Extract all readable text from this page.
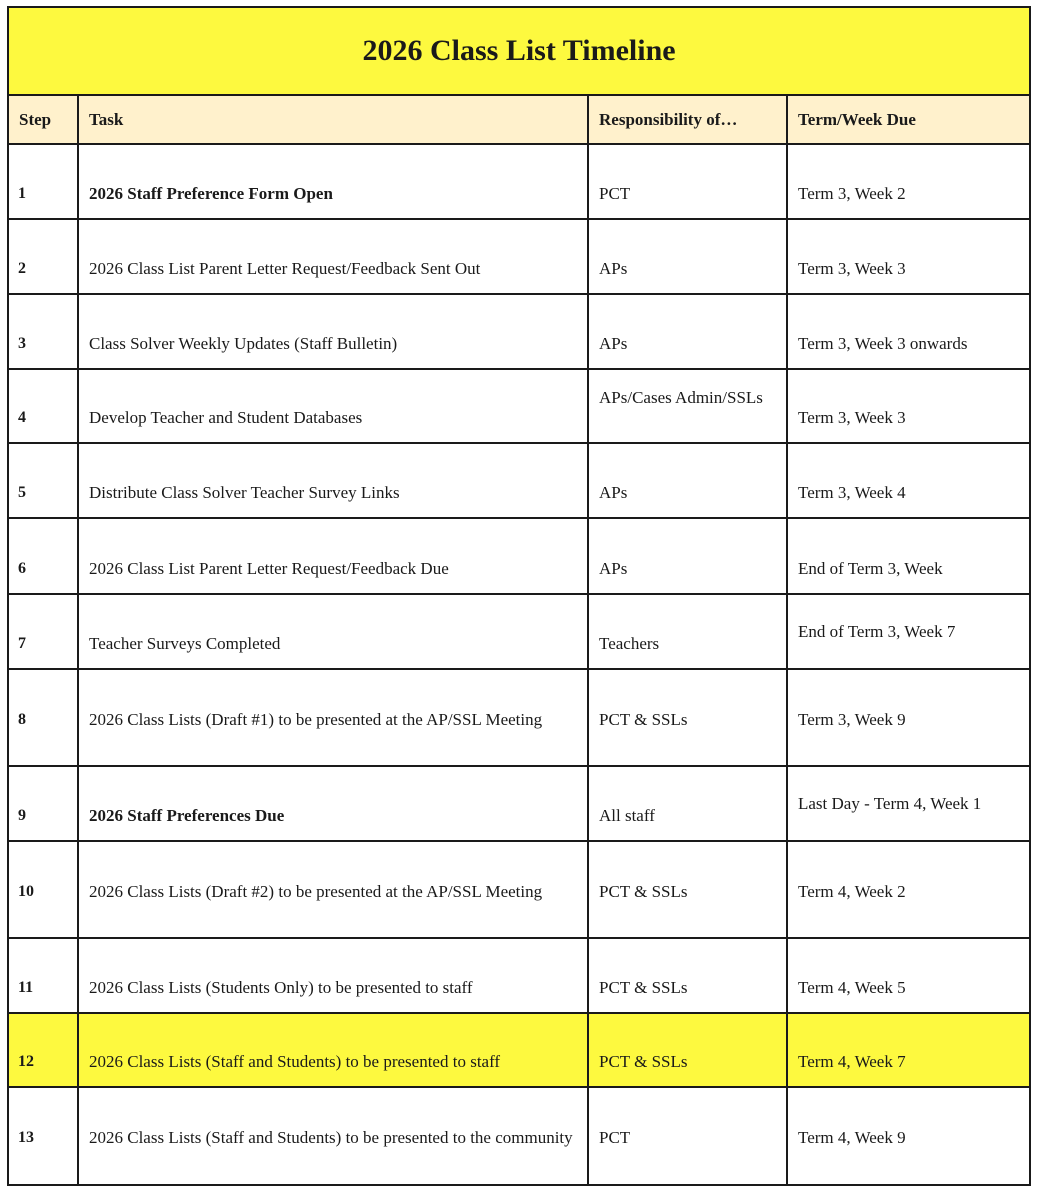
2026 Class List Timeline			
Step	Task	Responsibility of…	Term/Week Due
1	2026 Staff Preference Form Open	PCT	Term 3, Week 2
2	2026 Class List Parent Letter Request/Feedback Sent Out	APs	Term 3, Week 3
3	Class Solver Weekly Updates (Staff Bulletin)	APs	Term 3, Week 3 onwards
4	Develop Teacher and Student Databases	APs/Cases Admin/SSLs	Term 3, Week 3
5	Distribute Class Solver Teacher Survey Links	APs	Term 3, Week 4
6	2026 Class List Parent Letter Request/Feedback Due	APs	End of Term 3, Week
7	Teacher Surveys Completed	Teachers	End of Term 3, Week 7
8	2026 Class Lists (Draft #1) to be presented at the AP/SSL Meeting	PCT & SSLs	Term 3, Week 9
9	2026 Staff Preferences Due	All staff	Last Day - Term 4, Week 1
10	2026 Class Lists (Draft #2) to be presented at the AP/SSL Meeting	PCT & SSLs	Term 4, Week 2
11	2026 Class Lists (Students Only) to be presented to staff	PCT & SSLs	Term 4, Week 5
12	2026 Class Lists (Staff and Students) to be presented to staff	PCT & SSLs	Term 4, Week 7
13	2026 Class Lists (Staff and Students) to be presented to the community	PCT	Term 4, Week 9
